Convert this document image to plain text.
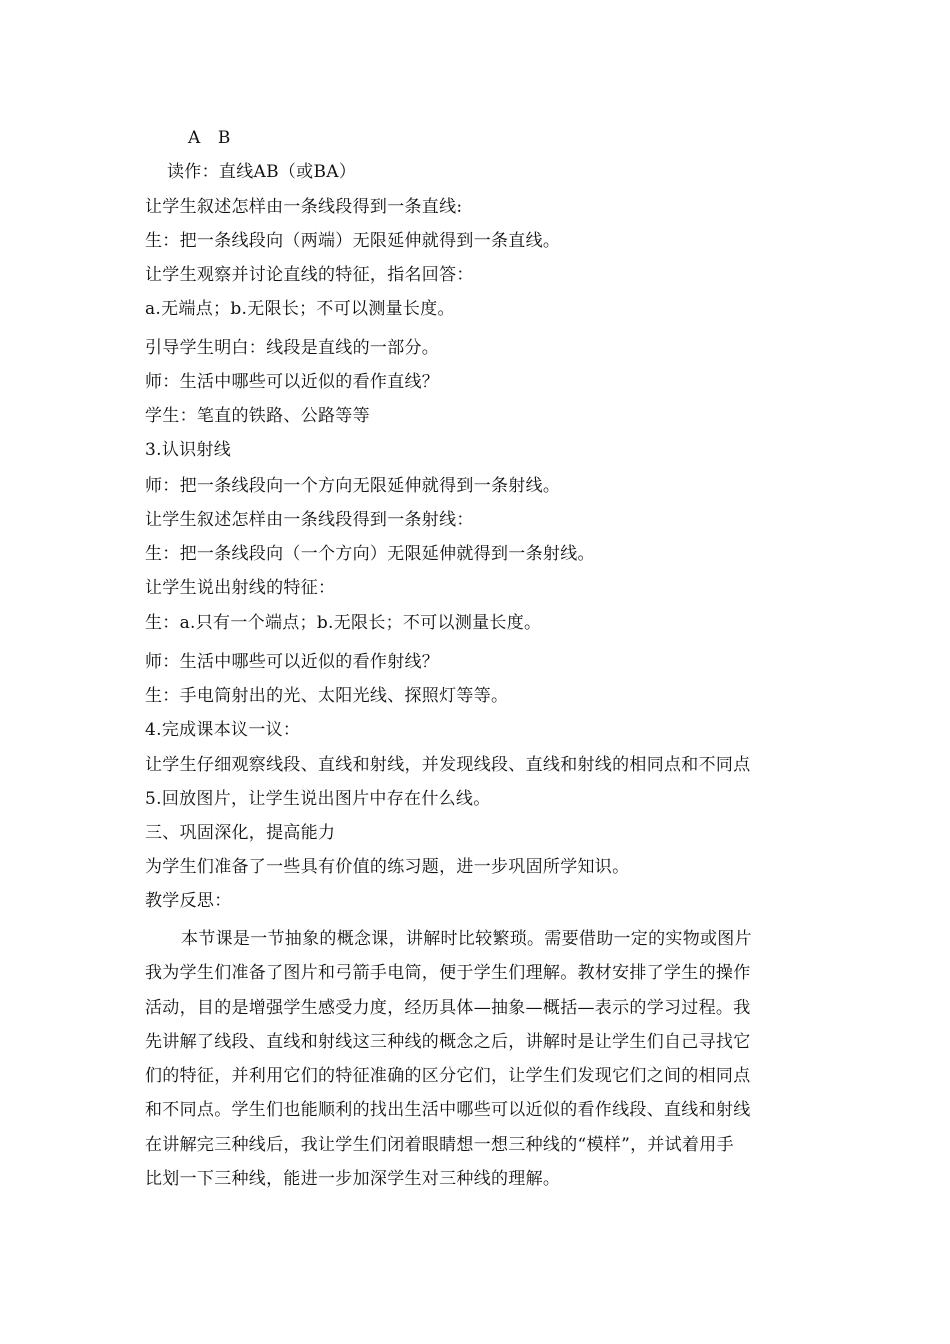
A　B
读作：直线AB（或BA）
让学生叙述怎样由一条线段得到一条直线:
生：把一条线段向（两端）无限延伸就得到一条直线。
让学生观察并讨论直线的特征，指名回答：
a.无端点；b.无限长；不可以测量长度。
引导学生明白：线段是直线的一部分。
师：生活中哪些可以近似的看作直线？
学生：笔直的铁路、公路等等
3.认识射线
师：把一条线段向一个方向无限延伸就得到一条射线。
让学生叙述怎样由一条线段得到一条射线：
生：把一条线段向（一个方向）无限延伸就得到一条射线。
让学生说出射线的特征：
生：a.只有一个端点；b.无限长；不可以测量长度。
师：生活中哪些可以近似的看作射线？
生：手电筒射出的光、太阳光线、探照灯等等。
4.完成课本议一议：
让学生仔细观察线段、直线和射线，并发现线段、直线和射线的相同点和不同点
5.回放图片，让学生说出图片中存在什么线。
三、巩固深化，提高能力
为学生们准备了一些具有价值的练习题，进一步巩固所学知识。
教学反思：
本节课是一节抽象的概念课，讲解时比较繁琐。需要借助一定的实物或图片
我为学生们准备了图片和弓箭手电筒，便于学生们理解。教材安排了学生的操作
活动，目的是增强学生感受力度，经历具体—抽象—概括—表示的学习过程。我
先讲解了线段、直线和射线这三种线的概念之后，讲解时是让学生们自己寻找它
们的特征，并利用它们的特征准确的区分它们，让学生们发现它们之间的相同点
和不同点。学生们也能顺利的找出生活中哪些可以近似的看作线段、直线和射线
在讲解完三种线后，我让学生们闭着眼睛想一想三种线的“模样”，并试着用手
比划一下三种线，能进一步加深学生对三种线的理解。
